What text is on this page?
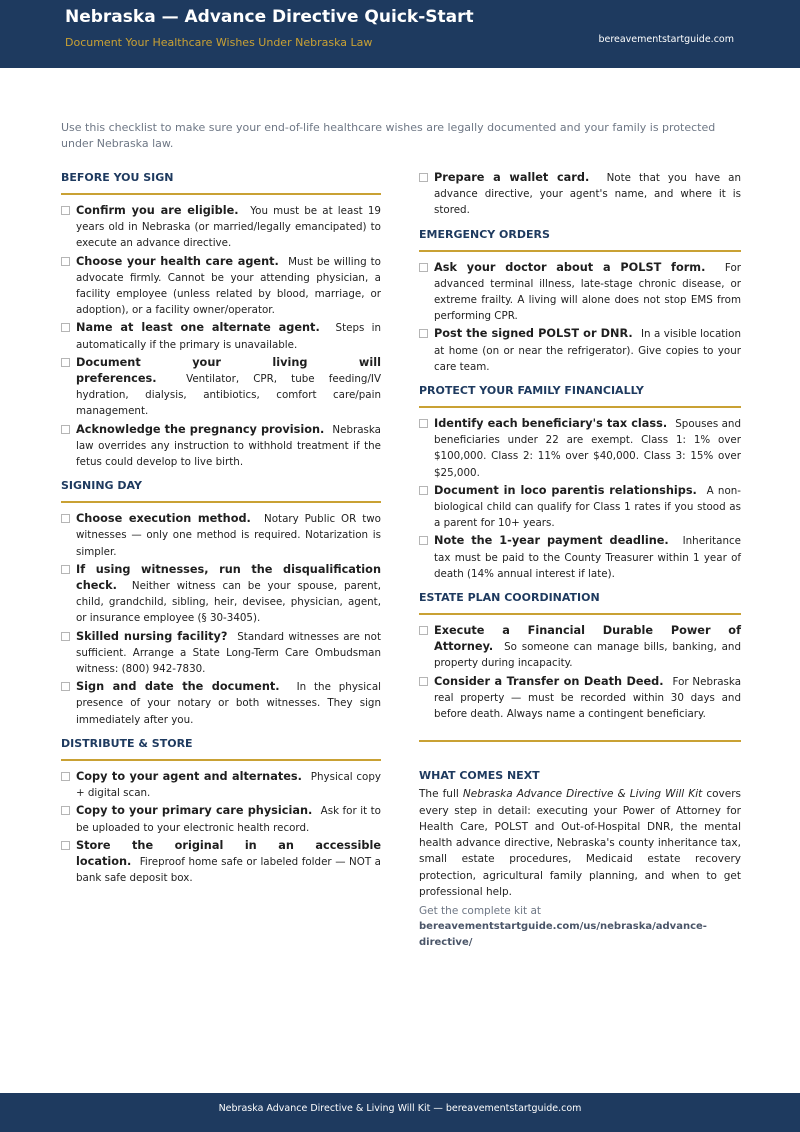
Nebraska — Advance Directive Quick-Start
Document Your Healthcare Wishes Under Nebraska Law	bereavementstartguide.com
Use this checklist to make sure your end-of-life healthcare wishes are legally documented and your family is protected under Nebraska law.
BEFORE YOU SIGN
Confirm you are eligible. You must be at least 19 years old in Nebraska (or married/legally emancipated) to execute an advance directive.
Choose your health care agent. Must be willing to advocate firmly. Cannot be your attending physician, a facility employee (unless related by blood, marriage, or adoption), or a facility owner/operator.
Name at least one alternate agent. Steps in automatically if the primary is unavailable.
Document your living will preferences.	Ventilator, CPR, tube feeding/IV hydration, dialysis, antibiotics, comfort care/pain management.
Acknowledge the pregnancy provision. Nebraska law overrides any instruction to withhold treatment if the fetus could develop to live birth.
SIGNING DAY
Choose execution method. Notary Public OR two witnesses — only one method is required. Notarization is simpler.
If using witnesses, run the disqualification check. Neither witness can be your spouse, parent, child, grandchild, sibling, heir, devisee, physician, agent, or insurance employee (§ 30-3405).
Skilled nursing facility? Standard witnesses are not sufficient. Arrange a State Long-Term Care Ombudsman witness: (800) 942-7830.
Sign and date the document. In the physical presence of your notary or both witnesses. They sign immediately after you.
DISTRIBUTE & STORE
Copy to your agent and alternates. Physical copy + digital scan.
Copy to your primary care physician. Ask for it to be uploaded to your electronic health record.
Store the original in an accessible location. Fireproof home safe or labeled folder — NOT a bank safe deposit box.
Prepare a wallet card. Note that you have an advance directive, your agent's name, and where it is stored.
EMERGENCY ORDERS
Ask your doctor about a POLST form. For advanced terminal illness, late-stage chronic disease, or extreme frailty. A living will alone does not stop EMS from performing CPR.
Post the signed POLST or DNR. In a visible location at home (on or near the refrigerator). Give copies to your care team.
PROTECT YOUR FAMILY FINANCIALLY
Identify each beneficiary's tax class. Spouses and beneficiaries under 22 are exempt. Class 1: 1% over $100,000. Class 2: 11% over $40,000. Class 3: 15% over $25,000.
Document in loco parentis relationships. A non-biological child can qualify for Class 1 rates if you stood as a parent for 10+ years.
Note the 1-year payment deadline. Inheritance tax must be paid to the County Treasurer within 1 year of death (14% annual interest if late).
ESTATE PLAN COORDINATION
Execute a Financial Durable Power of Attorney. So someone can manage bills, banking, and property during incapacity.
Consider a Transfer on Death Deed. For Nebraska real property — must be recorded within 30 days and before death. Always name a contingent beneficiary.
WHAT COMES NEXT
The full Nebraska Advance Directive & Living Will Kit covers every step in detail: executing your Power of Attorney for Health Care, POLST and Out-of-Hospital DNR, the mental health advance directive, Nebraska's county inheritance tax, small estate procedures, Medicaid estate recovery protection, agricultural family planning, and when to get professional help.
Get the complete kit at
bereavementstartguide.com/us/nebraska/advance-directive/
Nebraska Advance Directive & Living Will Kit — bereavementstartguide.com
